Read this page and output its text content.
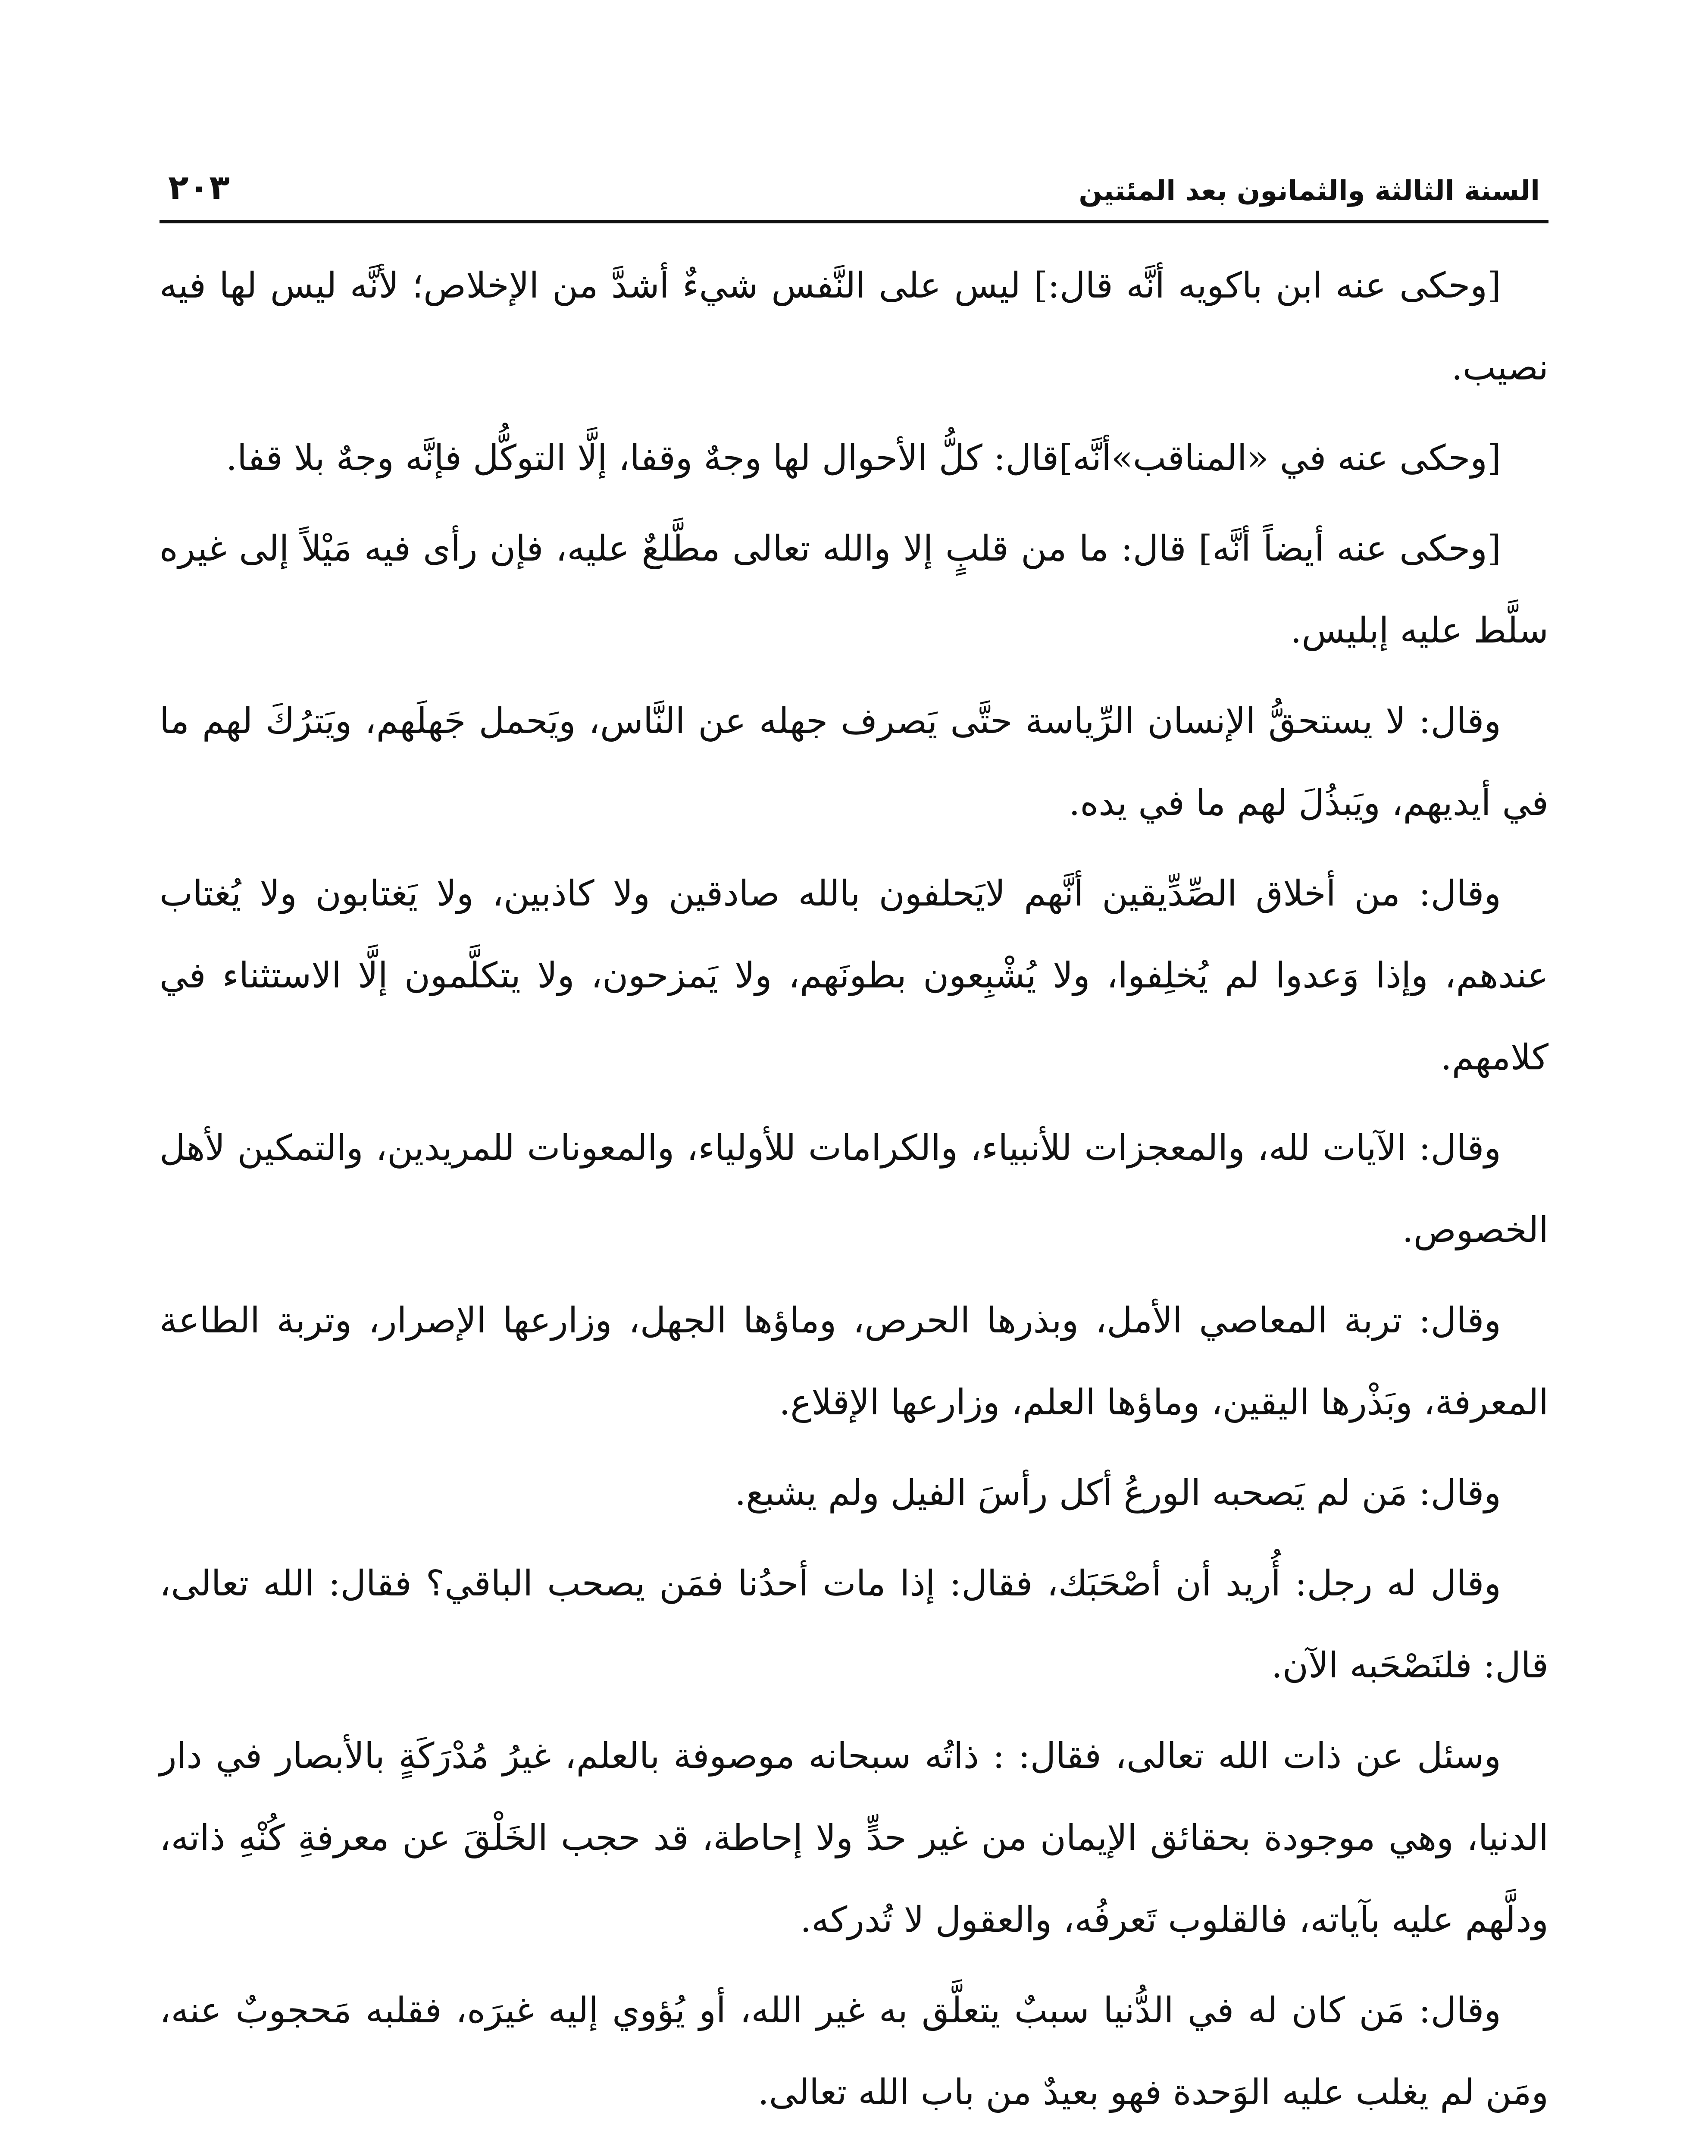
السنة الثالثة والثمانون بعد المئتين
٢٠٣

[وحكى عنه ابن باكويه أنَّه قال:] ليس على النَّفس شيءٌ أشدَّ من الإخلاص؛ لأنَّه ليس لها فيه نصيب.

[وحكى عنه في «المناقب»أنَّه]قال: كلُّ الأحوال لها وجهٌ وقفا، إلَّا التوكُّل فإنَّه وجهٌ بلا قفا.

[وحكى عنه أيضاً أنَّه] قال: ما من قلبٍ إلا والله تعالى مطَّلعٌ عليه، فإن رأى فيه مَيْلاً إلى غيره سلَّط عليه إبليس.

وقال: لا يستحقُّ الإنسان الرِّياسة حتَّى يَصرف جهله عن النَّاس، ويَحمل جَهلَهم، ويَترُكَ لهم ما في أيديهم، ويَبذُلَ لهم ما في يده.

وقال: من أخلاق الصِّدِّيقين أنَّهم لايَحلفون بالله صادقين ولا كاذبين، ولا يَغتابون ولا يُغتاب عندهم، وإذا وَعدوا لم يُخلِفوا، ولا يُشْبِعون بطونَهم، ولا يَمزحون، ولا يتكلَّمون إلَّا الاستثناء في كلامهم.

وقال: الآيات لله، والمعجزات للأنبياء، والكرامات للأولياء، والمعونات للمريدين، والتمكين لأهل الخصوص.

وقال: تربة المعاصي الأمل، وبذرها الحرص، وماؤها الجهل، وزارعها الإصرار، وتربة الطاعة المعرفة، وبَذْرها اليقين، وماؤها العلم، وزارعها الإقلاع.

وقال: مَن لم يَصحبه الورعُ أكل رأسَ الفيل ولم يشبع.

وقال له رجل: أُريد أن أصْحَبَك، فقال: إذا مات أحدُنا فمَن يصحب الباقي؟ فقال: الله تعالى، قال: فلنَصْحَبه الآن.

وسئل عن ذات الله تعالى، فقال: : ذاتُه سبحانه موصوفة بالعلم، غيرُ مُدْرَكَةٍ بالأبصار في دار الدنيا، وهي موجودة بحقائق الإيمان من غير حدٍّ ولا إحاطة، قد حجب الخَلْقَ عن معرفةِ كُنْهِ ذاته، ودلَّهم عليه بآياته، فالقلوب تَعرفُه، والعقول لا تُدركه.

وقال: مَن كان له في الدُّنيا سببٌ يتعلَّق به غير الله، أو يُؤوي إليه غيرَه، فقلبه مَحجوبٌ عنه، ومَن لم يغلب عليه الوَحدة فهو بعيدٌ من باب الله تعالى.
